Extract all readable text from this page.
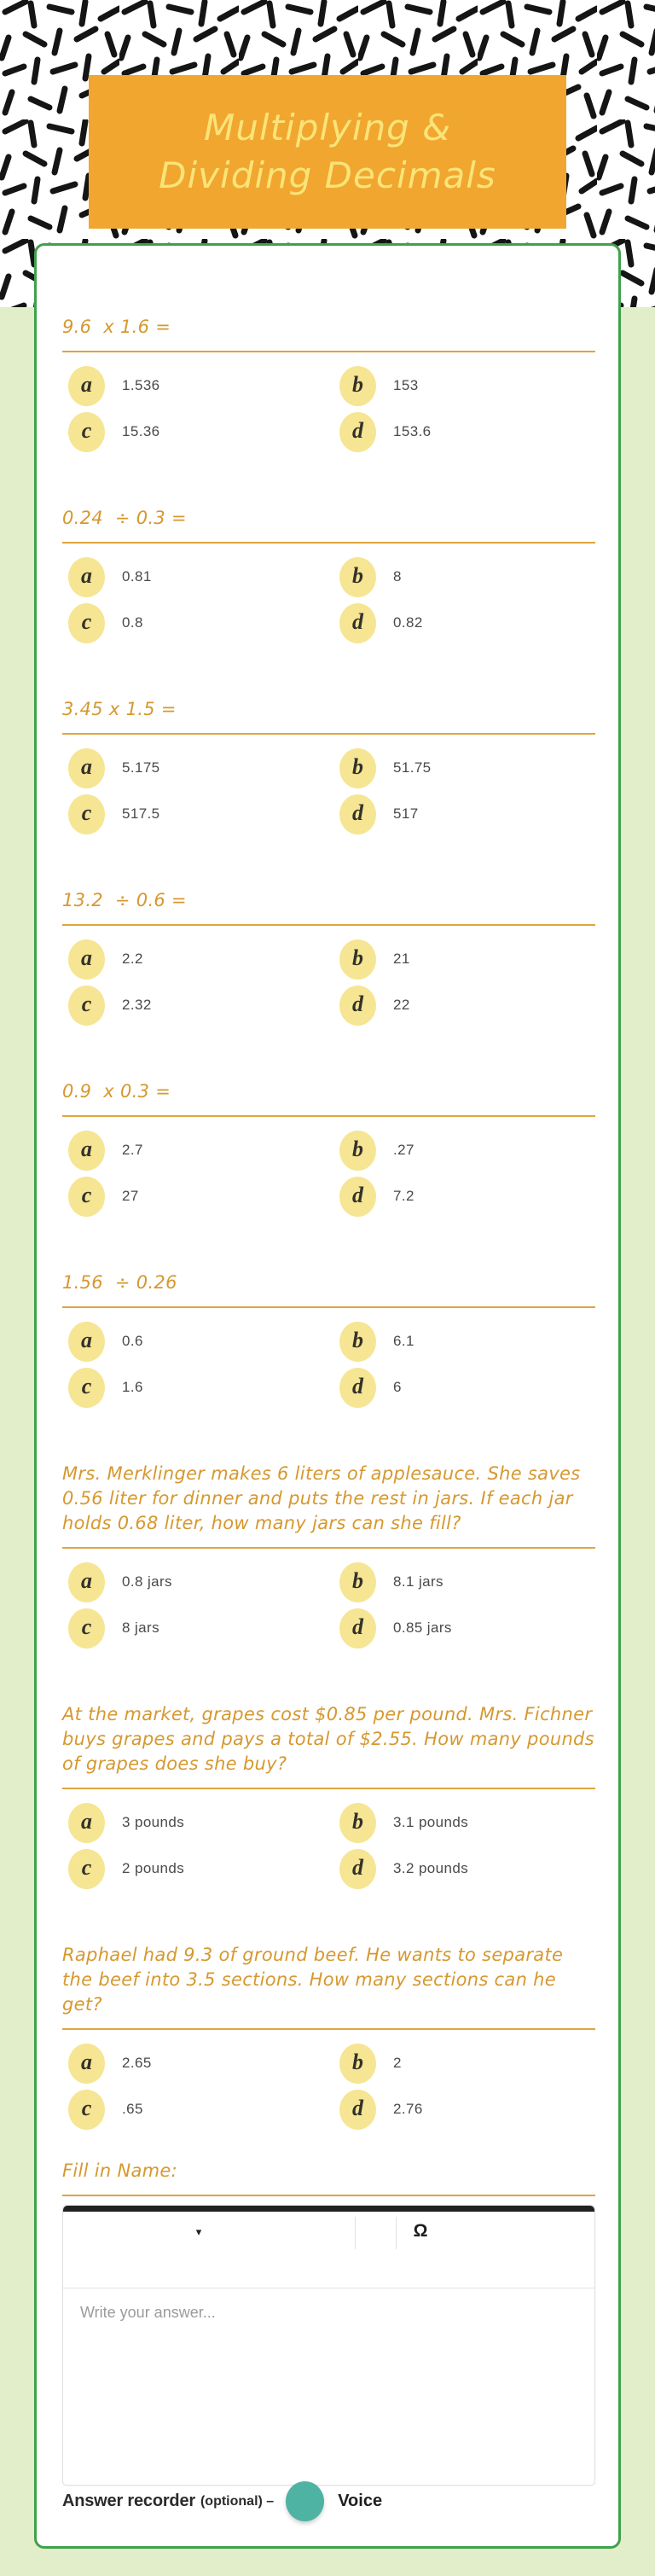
Multiplying &
Dividing Decimals
9.6  x 1.6 =
a	1.536	b	153
c	15.36	d	153.6
0.24  ÷ 0.3 =
a	0.81	b	8
c	0.8	d	0.82
3.45 x 1.5 =
a	5.175	b	51.75
c	517.5	d	517
13.2  ÷ 0.6 =
a	2.2	b	21
c	2.32	d	22
0.9  x 0.3 =
a	2.7	b	.27
c	27	d	7.2
1.56  ÷ 0.26
a	0.6	b	6.1
c	1.6	d	6
Mrs. Merklinger makes 6 liters of applesauce. She saves 0.56 liter for dinner and puts the rest in jars. If each jar holds 0.68 liter, how many jars can she fill?
a	0.8 jars	b	8.1 jars
c	8 jars	d	0.85 jars
At the market, grapes cost $0.85 per pound. Mrs. Fichner buys grapes and pays a total of $2.55. How many pounds of grapes does she buy?
a	3 pounds	b	3.1 pounds
c	2 pounds	d	3.2 pounds
Raphael had 9.3 of ground beef. He wants to separate the beef into 3.5 sections. How many sections can he get?
a	2.65	b	2
c	.65	d	2.76
Fill in Name:
▾	Ω
Write your answer...
Answer recorder (optional) –	Voice
